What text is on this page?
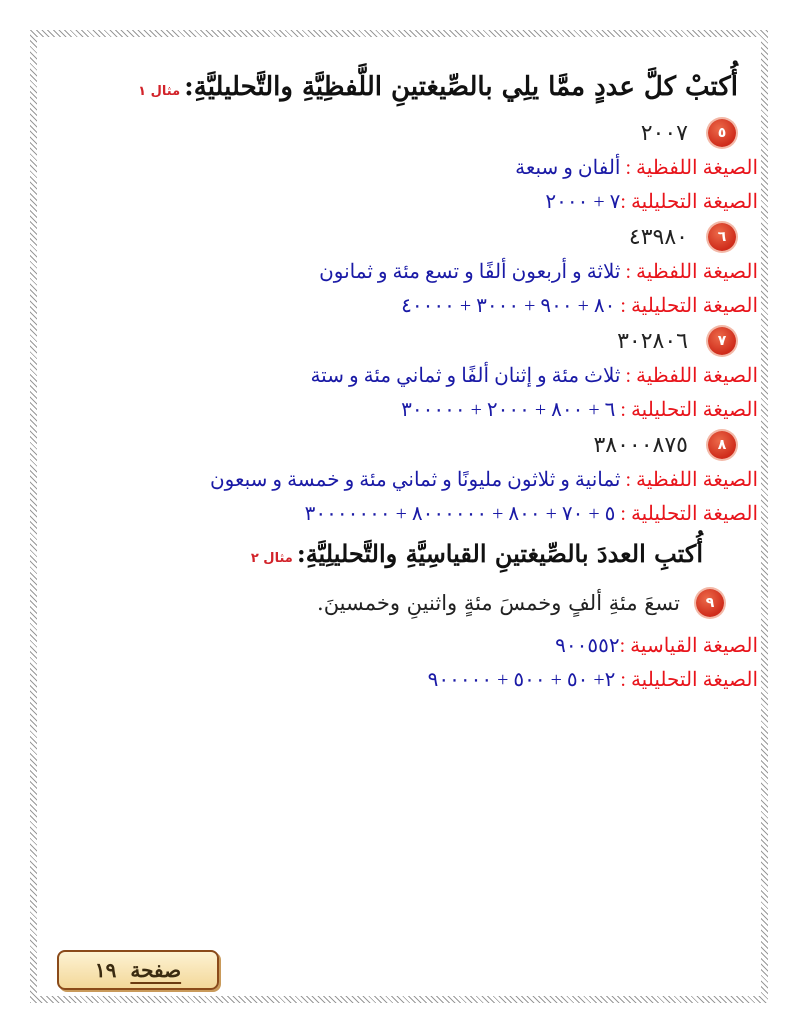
أُكتبْ كلَّ عددٍ ممَّا يلِي بالصِّيغتينِ اللَّفظِيَّةِ والتَّحليليَّةِ:مثال ١
٥
٢٠٠٧
الصيغة اللفظية : ألفان و سبعة
الصيغة التحليلية :٧ + ٢٠٠٠
٦
٤٣٩٨٠
الصيغة اللفظية : ثلاثة و أربعون ألفًا و تسع مئة و ثمانون
الصيغة التحليلية : ٨٠ + ٩٠٠ + ٣٠٠٠ + ٤٠٠٠٠
٧
٣٠٢٨٠٦
الصيغة اللفظية : ثلاث مئة و إثنان ألفًا و ثماني مئة و ستة
الصيغة التحليلية : ٦ + ٨٠٠ + ٢٠٠٠ + ٣٠٠٠٠٠
٨
٣٨٠٠٠٨٧٥
الصيغة اللفظية : ثمانية و ثلاثون مليونًا و ثماني مئة و خمسة و سبعون
الصيغة التحليلية : ٥ + ٧٠ + ٨٠٠ + ٨٠٠٠٠٠٠ + ٣٠٠٠٠٠٠٠
أُكتبِ العددَ بالصِّيغتينِ القياسِيَّةِ والتَّحليلِيَّةِ:مثال ٢
٩
تسعَ مئةِ ألفٍ وخمسَ مئةٍ واثنينِ وخمسينَ.
الصيغة القياسية :٩٠٠٥٥٢
الصيغة التحليلية : ٢+ ٥٠ + ٥٠٠ + ٩٠٠٠٠٠
صفحة
١٩
